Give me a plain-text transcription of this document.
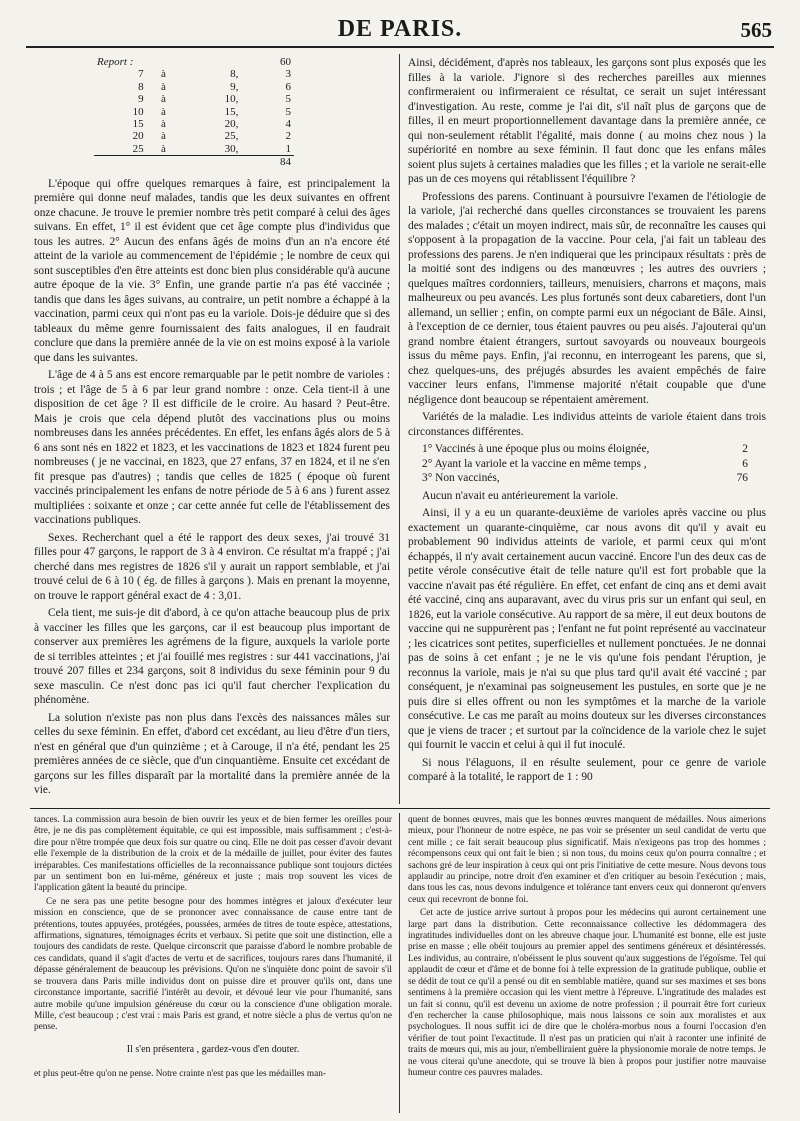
DE PARIS.	565
Report :			60
7	à	8,	3
8	à	9,	6
9	à	10,	5
10	à	15,	5
15	à	20,	4
20	à	25,	2
25	à	30,	1
			84

L'époque qui offre quelques remarques à faire, est principalement la première qui donne neuf malades, tandis que les deux suivantes en offrent onze chacune. Je trouve le premier nombre très petit comparé à celui des âges suivans. En effet, 1° il est évident que cet âge compte plus d'individus que tous les autres. 2° Aucun des enfans âgés de moins d'un an n'a encore été atteint de la variole au commencement de l'épidémie ; le nombre de ceux qui sont susceptibles d'en être atteints est donc bien plus considérable qu'à aucune autre époque de la vie. 3° Enfin, une grande partie n'a pas été vaccinée ; tandis que dans les âges suivans, au contraire, un petit nombre a échappé à la vaccination, parmi ceux qui n'ont pas eu la variole. Dois-je déduire que si des tableaux du même genre fournissaient des faits analogues, il en faudrait conclure que dans la première année de la vie on est moins exposé à la variole que dans les suivantes.

L'âge de 4 à 5 ans est encore remarquable par le petit nombre de varioles : trois ; et l'âge de 5 à 6 par leur grand nombre : onze. Cela tient-il à une disposition de cet âge ? Il est difficile de le croire. Au hasard ? Peut-être. Mais je crois que cela dépend plutôt des vaccinations plus ou moins nombreuses dans les années précédentes. En effet, les enfans âgés alors de 5 à 6 ans sont nés en 1822 et 1823, et les vaccinations de 1823 et 1824 furent peu nombreuses ( je ne vaccinai, en 1823, que 27 enfans, 37 en 1824, et il ne s'en fit presque pas d'autres) ; tandis que celles de 1825 ( époque où furent vaccinés principalement les enfans de notre période de 5 à 6 ans ) furent assez multipliées : soixante et onze ; car cette année fut celle de l'établissement des vaccinations publiques.

Sexes. Recherchant quel a été le rapport des deux sexes, j'ai trouvé 31 filles pour 47 garçons, le rapport de 3 à 4 environ. Ce résultat m'a frappé ; j'ai cherché dans mes registres de 1826 s'il y aurait un rapport semblable, et j'ai trouvé celui de 6 à 10 ( ég. de filles à garçons ). Mais en prenant la moyenne, on trouve le rapport général exact de 4 : 3,01.

Cela tient, me suis-je dit d'abord, à ce qu'on attache beaucoup plus de prix à vacciner les filles que les garçons, car il est beaucoup plus important de conserver aux premières les agrémens de la figure, auxquels la variole porte de si terribles atteintes ; et j'ai fouillé mes registres : sur 441 vaccinations, j'ai trouvé 207 filles et 234 garçons, soit 8 individus du sexe féminin pour 9 du sexe masculin. Ce n'est donc pas ici qu'il faut chercher l'explication du phénomène.

La solution n'existe pas non plus dans l'excès des naissances mâles sur celles du sexe féminin. En effet, d'abord cet excédant, au lieu d'être d'un tiers, n'est en général que d'un quinzième ; et à Carouge, il n'a été, pendant les 25 premières années de ce siècle, que d'un cinquantième. Ensuite cet excédant de garçons sur les filles disparaît par la mortalité dans la première année de la vie.

Ainsi, décidément, d'après nos tableaux, les garçons sont plus exposés que les filles à la variole. J'ignore si des recherches pareilles aux miennes confirmeraient ou infirmeraient ce résultat, ce serait un sujet intéressant d'investigation. Au reste, comme je l'ai dit, s'il naît plus de garçons que de filles, il en meurt proportionnellement davantage dans la première année, ce qui non-seulement rétablit l'égalité, mais donne ( au moins chez nous ) la supériorité en nombre au sexe féminin. Il faut donc que les enfans mâles soient plus sujets à certaines maladies que les filles ; et la variole ne serait-elle pas un de ces moyens qui rétablissent l'équilibre ?

Professions des parens. Continuant à poursuivre l'examen de l'étiologie de la variole, j'ai recherché dans quelles circonstances se trouvaient les parens des malades ; c'était un moyen indirect, mais sûr, de reconnaître les causes qui s'opposent à la propagation de la vaccine. Pour cela, j'ai fait un tableau des professions des parens. Je n'en indiquerai que les principaux résultats : près de la moitié sont des indigens ou des manœuvres ; les autres des ouvriers ; quelques maîtres cordonniers, tailleurs, menuisiers, charrons et maçons, mais malheureux ou peu avancés. Les plus fortunés sont deux cabaretiers, dont l'un allemand, un sellier ; enfin, on compte parmi eux un négociant de Bâle. Ainsi, à l'exception de ce dernier, tous étaient pauvres ou peu aisés. J'ajouterai qu'un grand nombre étaient étrangers, surtout savoyards ou nouveaux bourgeois issus du même pays. Enfin, j'ai reconnu, en interrogeant les parens, que si, chez quelques-uns, des préjugés absurdes les avaient empêchés de faire vacciner leurs enfans, l'immense majorité n'était coupable que d'une négligence dont beaucoup se répentaient amèrement.

Variétés de la maladie. Les individus atteints de variole étaient dans trois circonstances différentes.

1° Vaccinés à une époque plus ou moins éloignée,	2
2° Ayant la variole et la vaccine en même temps ,	6
3° Non vaccinés,	76

Aucun n'avait eu antérieurement la variole.

Ainsi, il y a eu un quarante-deuxième de varioles après vaccine ou plus exactement un quarante-cinquième, car nous avons dit qu'il y avait eu probablement 90 individus atteints de variole, et parmi ceux qui m'ont échappés, il n'y avait certainement aucun vacciné. Encore l'un des deux cas de petite vérole consécutive était de telle nature qu'il est fort probable que la vaccine n'avait pas été régulière. En effet, cet enfant de cinq ans et demi avait été vacciné, cinq ans auparavant, avec du virus pris sur un enfant qui seul, en 1826, eut la variole consécutive. Au rapport de sa mère, il eut deux boutons de vaccine qui ne suppurèrent pas ; l'enfant ne fut point représenté au vaccinateur ; les cicatrices sont petites, superficielles et nullement ponctuées. Je ne donnai pas de soins à cet enfant ; je ne le vis qu'une fois pendant l'éruption, je reconnus la variole, mais je n'ai su que plus tard qu'il avait été vacciné ; par conséquent, je n'examinai pas soigneusement les pustules, en sorte que je ne puis dire si elles offrent ou non les symptômes et la marche de la variole consécutive. Le cas me paraît au moins douteux sur les diverses circonstances que je viens de tracer ; et surtout par la coïncidence de la variole chez le sujet qui fournit le vaccin et celui à qui il fut inoculé.

Si nous l'élaguons, il en résulte seulement, pour ce genre de variole comparé à la totalité, le rapport de 1 : 90

tances. La commission aura besoin de bien ouvrir les yeux et de bien fermer les oreilles pour être, je ne dis pas complètement équitable, ce qui est impossible, mais suffisamment ; c'est-à-dire pour n'être trompée que deux fois sur quatre ou cinq. Elle ne doit pas cesser d'avoir devant elle l'exemple de la distribution de la croix et de la médaille de juillet, pour éviter des fautes irréparables. Ces manifestations officielles de la reconnaissance publique sont toujours dictées par un sentiment bon en lui-même, généreux et juste ; mais trop souvent les vices de l'application gâtent la beauté du principe.

Ce ne sera pas une petite besogne pour des hommes intègres et jaloux d'exécuter leur mission en conscience, que de se prononcer avec connaissance de cause entre tant de prétentions, toutes appuyées, protégées, poussées, armées de titres de toute espèce, attestations, affirmations, signatures, témoignages écrits et verbaux. Si petite que soit une distinction, elle a toujours des candidats de reste. Quelque circonscrit que paraisse d'abord le nombre probable de ces candidats, quand il s'agit d'actes de vertu et de sacrifices, toujours rares dans l'humanité, il dépasse généralement de beaucoup les prévisions. Qu'on ne s'inquiète donc point de savoir s'il se trouvera dans Paris mille individus dont on puisse dire et prouver qu'ils ont, dans une circonstance importante, sacrifié l'intérêt au devoir, et dévoué leur vie pour l'humanité, sans autre mobile qu'une impulsion généreuse du cœur ou la conscience d'une obligation morale. Mille, c'est beaucoup ; c'est vrai : mais Paris est grand, et notre siècle a plus de vertus qu'on ne pense.

Il s'en présentera , gardez-vous d'en douter.

et plus peut-être qu'on ne pense. Notre crainte n'est pas que les médailles man-

quent de bonnes œuvres, mais que les bonnes œuvres manquent de médailles. Nous aimerions mieux, pour l'honneur de notre espèce, ne pas voir se présenter un seul candidat de vertu que cent mille ; ce fait serait beaucoup plus significatif. Mais n'exigeons pas trop des hommes ; récompensons ceux qui ont fait le bien ; si non tous, du moins ceux qu'on pourra connaître ; et sachons gré de leur inspiration à ceux qui ont pris l'initiative de cette mesure. Nous devons tous applaudir au principe, notre droit d'en examiner et d'en critiquer au besoin l'exécution ; mais, dans tous les cas, nous devons indulgence et tolérance tant envers ceux qui donneront qu'envers ceux qui recevront de bonne foi.

Cet acte de justice arrive surtout à propos pour les médecins qui auront certainement une large part dans la distribution. Cette reconnaissance collective les dédommagera des ingratitudes individuelles dont on les abreuve chaque jour. L'humanité est bonne, elle est juste prise en masse ; elle obéit toujours au premier appel des sentimens généreux et désintéressés. Les individus, au contraire, n'obéissent le plus souvent qu'aux suggestions de l'égoïsme. Tel qui applaudit de cœur et d'âme et de bonne foi à telle expression de la gratitude publique, oublie et se dédit de tout ce qu'il a pensé ou dit en semblable matière, quand sur ses maximes et ses bons sentimens à la première occasion qui les vient mettre à l'épreuve. L'ingratitude des malades est un fait si connu, qu'il est devenu un axiome de notre profession ; il pourrait être fort curieux d'en rechercher la cause philosophique, mais nous laissons ce soin aux moralistes et aux psychologues. Il nous suffit ici de dire que le choléra-morbus nous a fourni l'occasion d'en vérifier de tout point l'exactitude. Il n'est pas un praticien qui n'ait à raconter une infinité de traits de mœurs qui, mis au jour, n'embelliraient guère la physionomie morale de notre temps. Je ne vous citerai qu'une anecdote, qui se trouve là bien à propos pour justifier notre mauvaise humeur contre ces pauvres malades.
